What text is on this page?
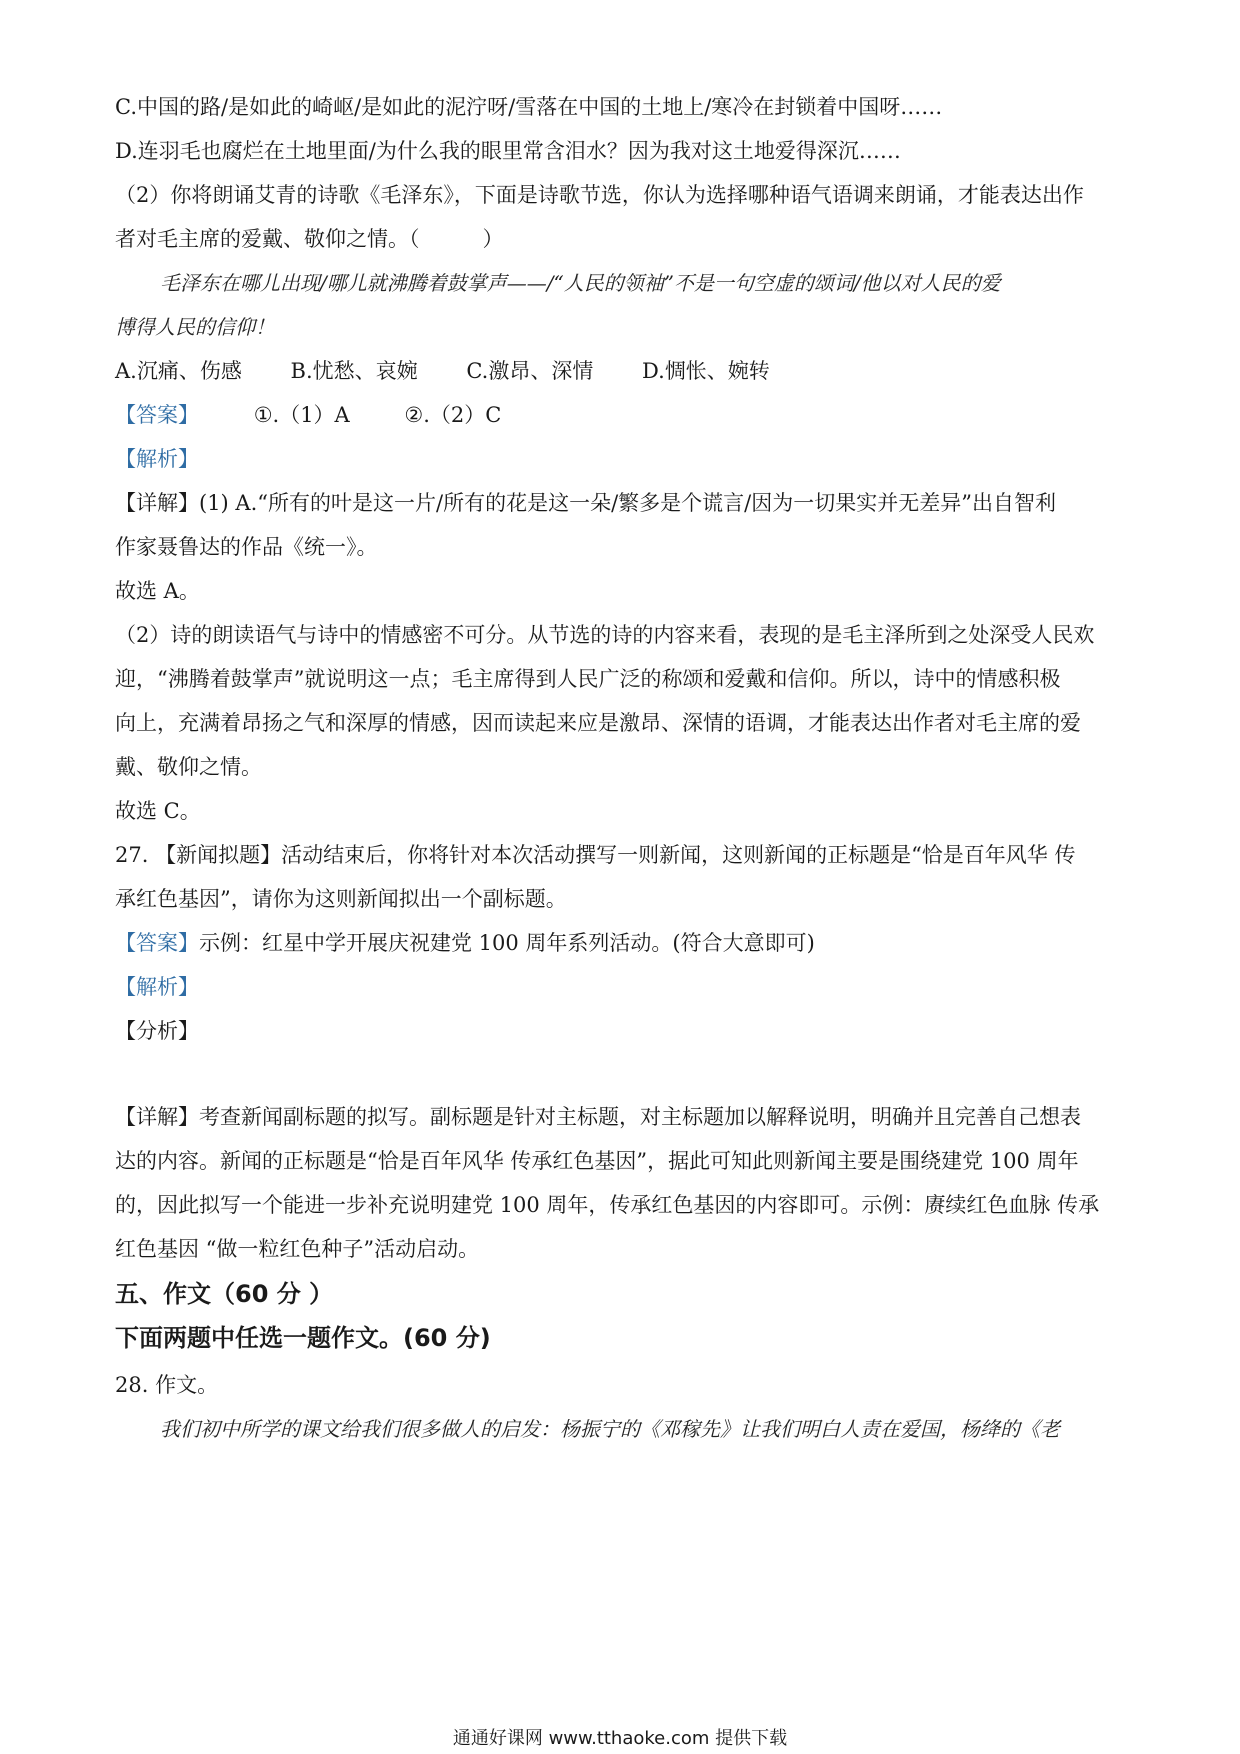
C.中国的路/是如此的崎岖/是如此的泥泞呀/雪落在中国的土地上/寒冷在封锁着中国呀……
D.连羽毛也腐烂在土地里面/为什么我的眼里常含泪水？因为我对这土地爱得深沉……
（2）你将朗诵艾青的诗歌《毛泽东》，下面是诗歌节选，你认为选择哪种语气语调来朗诵，才能表达出作
者对毛主席的爱戴、敬仰之情。（　　　）
毛泽东在哪儿出现/哪儿就沸腾着鼓掌声——/“人民的领袖”不是一句空虚的颂词/他以对人民的爱
博得人民的信仰！
A.沉痛、伤感 B.忧愁、哀婉 C.激昂、深情 D.惆怅、婉转
【答案】	①.（1）A	②.（2）C
【解析】
【详解】(1) A.“所有的叶是这一片/所有的花是这一朵/繁多是个谎言/因为一切果实并无差异”出自智利
作家聂鲁达的作品《统一》。
故选 A。
（2）诗的朗读语气与诗中的情感密不可分。从节选的诗的内容来看，表现的是毛主泽所到之处深受人民欢
迎，“沸腾着鼓掌声”就说明这一点；毛主席得到人民广泛的称颂和爱戴和信仰。所以，诗中的情感积极
向上，充满着昂扬之气和深厚的情感，因而读起来应是激昂、深情的语调，才能表达出作者对毛主席的爱
戴、敬仰之情。
故选 C。
27. 【新闻拟题】活动结束后，你将针对本次活动撰写一则新闻，这则新闻的正标题是“恰是百年风华 传
承红色基因”，请你为这则新闻拟出一个副标题。
【答案】示例：红星中学开展庆祝建党 100 周年系列活动。(符合大意即可)
【解析】
【分析】
【详解】考查新闻副标题的拟写。副标题是针对主标题，对主标题加以解释说明，明确并且完善自己想表
达的内容。新闻的正标题是“恰是百年风华 传承红色基因”，据此可知此则新闻主要是围绕建党 100 周年
的，因此拟写一个能进一步补充说明建党 100 周年，传承红色基因的内容即可。示例：赓续红色血脉 传承
红色基因 “做一粒红色种子”活动启动。
五、作文（60 分 ）
下面两题中任选一题作文。(60 分)
28. 作文。
我们初中所学的课文给我们很多做人的启发：杨振宁的《邓稼先》让我们明白人责在爱国，杨绛的《老
通通好课网 www.tthaoke.com 提供下载
